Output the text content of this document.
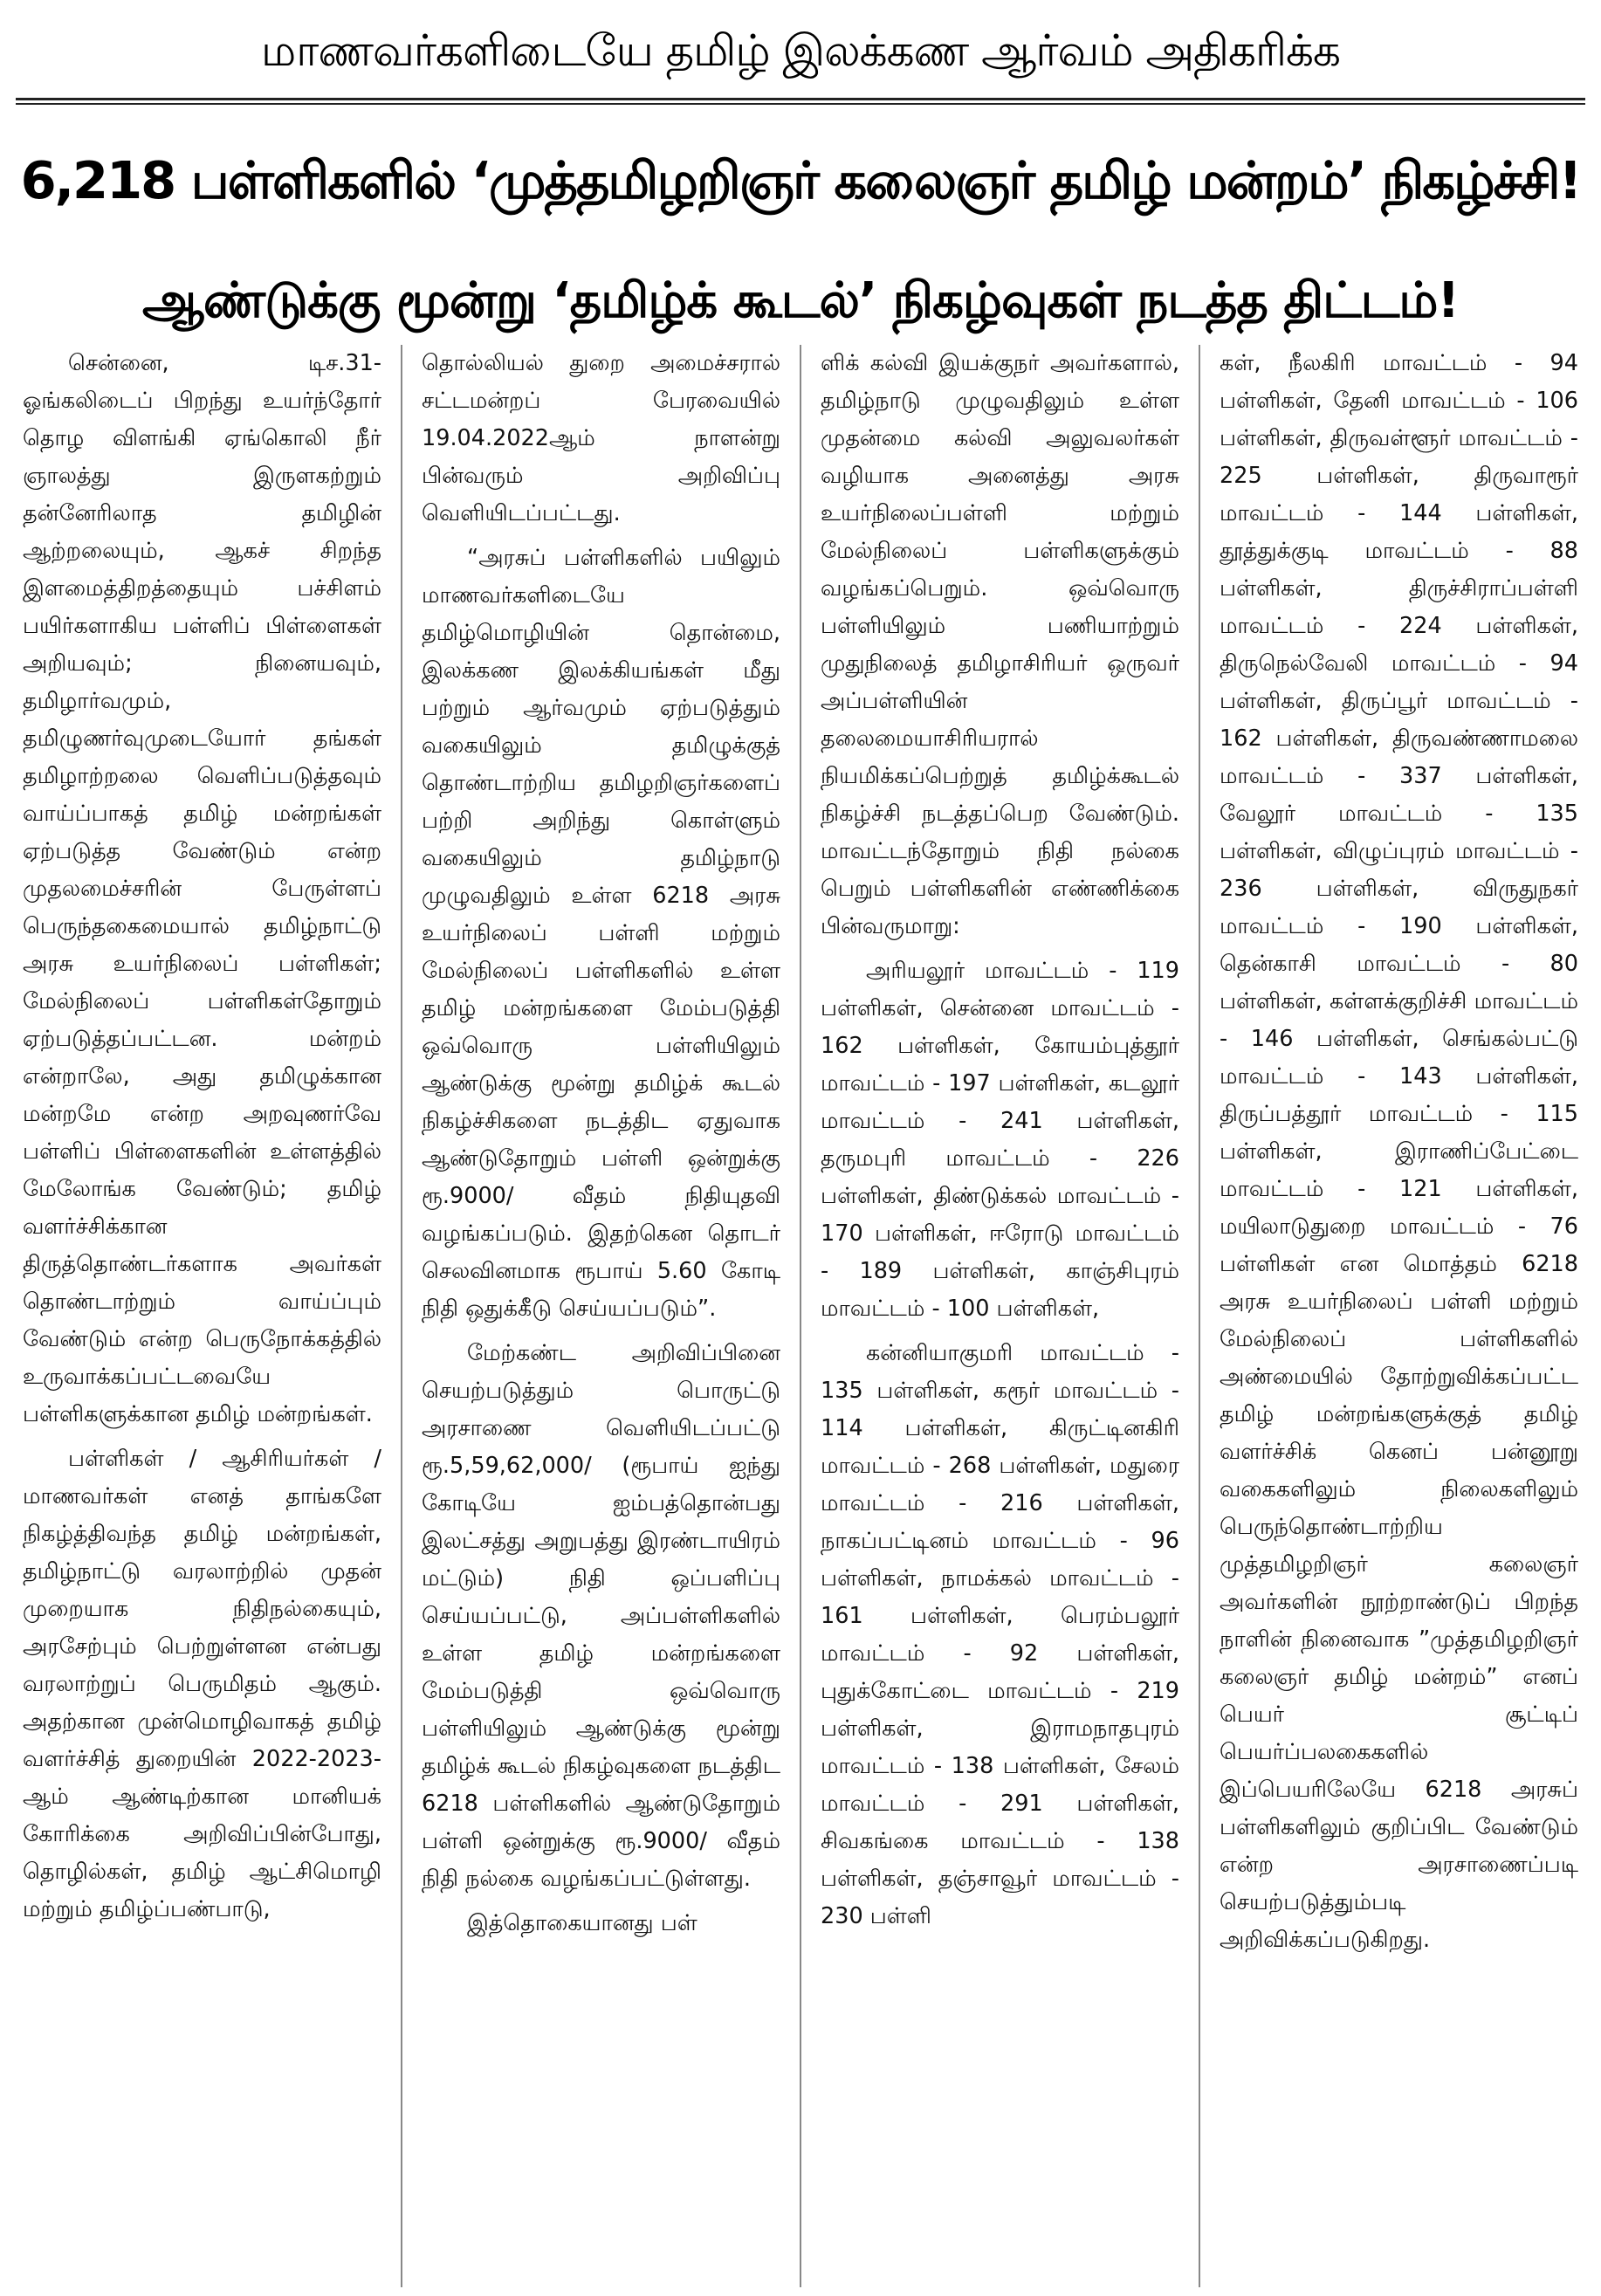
மாணவர்களிடையே தமிழ் இலக்கண ஆர்வம் அதிகரிக்க
6,218 பள்ளிகளில் ‘முத்தமிழறிஞர் கலைஞர் தமிழ் மன்றம்’ நிகழ்ச்சி!
ஆண்டுக்கு மூன்று ‘தமிழ்க் கூடல்’ நிகழ்வுகள் நடத்த திட்டம்!

சென்னை, டிச.31- ஓங்கலிடைப் பிறந்து உயர்ந்தோர் தொழ விளங்கி ஏங்கொலி நீர் ஞாலத்து இருளகற்றும் தன்னேரிலாத தமிழின் ஆற்றலையும், ஆகச் சிறந்த இளமைத்திறத்தையும் பச்சிளம் பயிர்களாகிய பள்ளிப் பிள்ளைகள் அறியவும்; நினையவும், தமிழார்வமும், தமிழுணர்வுமுடையோர் தங்கள் தமிழாற்றலை வெளிப்படுத்தவும் வாய்ப்பாகத் தமிழ் மன்றங்கள் ஏற்படுத்த வேண்டும் என்ற முதலமைச்சரின் பேருள்ளப் பெருந்தகைமையால் தமிழ்நாட்டு அரசு உயர்நிலைப் பள்ளிகள்; மேல்நிலைப் பள்ளிகள்தோறும் ஏற்படுத்தப்பட்டன. மன்றம் என்றாலே, அது தமிழுக்கான மன்றமே என்ற அறவுணர்வே பள்ளிப் பிள்ளைகளின் உள்ளத்தில் மேலோங்க வேண்டும்; தமிழ் வளர்ச்சிக்கான திருத்தொண்டர்களாக அவர்கள் தொண்டாற்றும் வாய்ப்பும் வேண்டும் என்ற பெருநோக்கத்தில் உருவாக்கப்பட்டவையே பள்ளிகளுக்கான தமிழ் மன்றங்கள்.

பள்ளிகள் / ஆசிரியர்கள் / மாணவர்கள் எனத் தாங்களே நிகழ்த்திவந்த தமிழ் மன்றங்கள், தமிழ்நாட்டு வரலாற்றில் முதன் முறையாக நிதிநல்கையும், அரசேற்பும் பெற்றுள்ளன என்பது வரலாற்றுப் பெருமிதம் ஆகும். அதற்கான முன்மொழிவாகத் தமிழ் வளர்ச்சித் துறையின் 2022-2023-ஆம் ஆண்டிற்கான மானியக் கோரிக்கை அறிவிப்பின்போது, தொழில்கள், தமிழ் ஆட்சிமொழி மற்றும் தமிழ்ப்பண்பாடு,

தொல்லியல் துறை அமைச்சரால் சட்டமன்றப் பேரவையில் 19.04.2022ஆம் நாளன்று பின்வரும் அறிவிப்பு வெளியிடப்பட்டது.

“அரசுப் பள்ளிகளில் பயிலும் மாணவர்களிடையே தமிழ்மொழியின் தொன்மை, இலக்கண இலக்கியங்கள் மீது பற்றும் ஆர்வமும் ஏற்படுத்தும் வகையிலும் தமிழுக்குத் தொண்டாற்றிய தமிழறிஞர்களைப் பற்றி அறிந்து கொள்ளும் வகையிலும் தமிழ்நாடு முழுவதிலும் உள்ள 6218 அரசு உயர்நிலைப் பள்ளி மற்றும் மேல்நிலைப் பள்ளிகளில் உள்ள தமிழ் மன்றங்களை மேம்படுத்தி ஒவ்வொரு பள்ளியிலும் ஆண்டுக்கு மூன்று தமிழ்க் கூடல் நிகழ்ச்சிகளை நடத்திட ஏதுவாக ஆண்டுதோறும் பள்ளி ஒன்றுக்கு ரூ.9000/ வீதம் நிதியுதவி வழங்கப்படும். இதற்கென தொடர் செலவினமாக ரூபாய் 5.60 கோடி நிதி ஒதுக்கீடு செய்யப்படும்”.

மேற்கண்ட அறிவிப்பினை செயற்படுத்தும் பொருட்டு அரசாணை வெளியிடப்பட்டு ரூ.5,59,62,000/ (ரூபாய் ஐந்து கோடியே ஐம்பத்தொன்பது இலட்சத்து அறுபத்து இரண்டாயிரம் மட்டும்) நிதி ஒப்பளிப்பு செய்யப்பட்டு, அப்பள்ளிகளில் உள்ள தமிழ் மன்றங்களை மேம்படுத்தி ஒவ்வொரு பள்ளியிலும் ஆண்டுக்கு மூன்று தமிழ்க் கூடல் நிகழ்வுகளை நடத்திட 6218 பள்ளிகளில் ஆண்டுதோறும் பள்ளி ஒன்றுக்கு ரூ.9000/ வீதம் நிதி நல்கை வழங்கப்பட்டுள்ளது.

இத்தொகையானது பள்

ளிக் கல்வி இயக்குநர் அவர்களால், தமிழ்நாடு முழுவதிலும் உள்ள முதன்மை கல்வி அலுவலர்கள் வழியாக அனைத்து அரசு உயர்நிலைப்பள்ளி மற்றும் மேல்நிலைப் பள்ளிகளுக்கும் வழங்கப்பெறும். ஒவ்வொரு பள்ளியிலும் பணியாற்றும் முதுநிலைத் தமிழாசிரியர் ஒருவர் அப்பள்ளியின் தலைமையாசிரியரால் நியமிக்கப்பெற்றுத் தமிழ்க்கூடல் நிகழ்ச்சி நடத்தப்பெற வேண்டும். மாவட்டந்தோறும் நிதி நல்கை பெறும் பள்ளிகளின் எண்ணிக்கை பின்வருமாறு:

அரியலூர் மாவட்டம் - 119 பள்ளிகள், சென்னை மாவட்டம் - 162 பள்ளிகள், கோயம்புத்தூர் மாவட்டம் - 197 பள்ளிகள், கடலூர் மாவட்டம் - 241 பள்ளிகள், தருமபுரி மாவட்டம் - 226 பள்ளிகள், திண்டுக்கல் மாவட்டம் - 170 பள்ளிகள், ஈரோடு மாவட்டம் - 189 பள்ளிகள், காஞ்சிபுரம் மாவட்டம் - 100 பள்ளிகள்,

கன்னியாகுமரி மாவட்டம் - 135 பள்ளிகள், கரூர் மாவட்டம் - 114 பள்ளிகள், கிருட்டினகிரி மாவட்டம் - 268 பள்ளிகள், மதுரை மாவட்டம் - 216 பள்ளிகள், நாகப்பட்டினம் மாவட்டம் - 96 பள்ளிகள், நாமக்கல் மாவட்டம் - 161 பள்ளிகள், பெரம்பலூர் மாவட்டம் - 92 பள்ளிகள், புதுக்கோட்டை மாவட்டம் - 219 பள்ளிகள், இராமநாதபுரம் மாவட்டம் - 138 பள்ளிகள், சேலம் மாவட்டம் - 291 பள்ளிகள், சிவகங்கை மாவட்டம் - 138 பள்ளிகள், தஞ்சாவூர் மாவட்டம் - 230 பள்ளி

கள், நீலகிரி மாவட்டம் - 94 பள்ளிகள், தேனி மாவட்டம் - 106 பள்ளிகள், திருவள்ளூர் மாவட்டம் - 225 பள்ளிகள், திருவாரூர் மாவட்டம் - 144 பள்ளிகள், தூத்துக்குடி மாவட்டம் - 88 பள்ளிகள், திருச்சிராப்பள்ளி மாவட்டம் - 224 பள்ளிகள், திருநெல்வேலி மாவட்டம் - 94 பள்ளிகள், திருப்பூர் மாவட்டம் - 162 பள்ளிகள், திருவண்ணாமலை மாவட்டம் - 337 பள்ளிகள், வேலூர் மாவட்டம் - 135 பள்ளிகள், விழுப்புரம் மாவட்டம் - 236 பள்ளிகள், விருதுநகர் மாவட்டம் - 190 பள்ளிகள், தென்காசி மாவட்டம் - 80 பள்ளிகள், கள்ளக்குறிச்சி மாவட்டம் - 146 பள்ளிகள், செங்கல்பட்டு மாவட்டம் - 143 பள்ளிகள், திருப்பத்தூர் மாவட்டம் - 115 பள்ளிகள், இராணிப்பேட்டை மாவட்டம் - 121 பள்ளிகள், மயிலாடுதுறை மாவட்டம் - 76 பள்ளிகள் என மொத்தம் 6218 அரசு உயர்நிலைப் பள்ளி மற்றும் மேல்நிலைப் பள்ளிகளில் அண்மையில் தோற்றுவிக்கப்பட்ட தமிழ் மன்றங்களுக்குத் தமிழ் வளர்ச்சிக் கெனப் பன்னூறு வகைகளிலும் நிலைகளிலும் பெருந்தொண்டாற்றிய முத்தமிழறிஞர் கலைஞர் அவர்களின் நூற்றாண்டுப் பிறந்த நாளின் நினைவாக ”முத்தமிழறிஞர் கலைஞர் தமிழ் மன்றம்” எனப் பெயர் சூட்டிப் பெயர்ப்பலகைகளில் இப்பெயரிலேயே 6218 அரசுப் பள்ளிகளிலும் குறிப்பிட வேண்டும் என்ற அரசாணைப்படி செயற்படுத்தும்படி அறிவிக்கப்படுகிறது.
